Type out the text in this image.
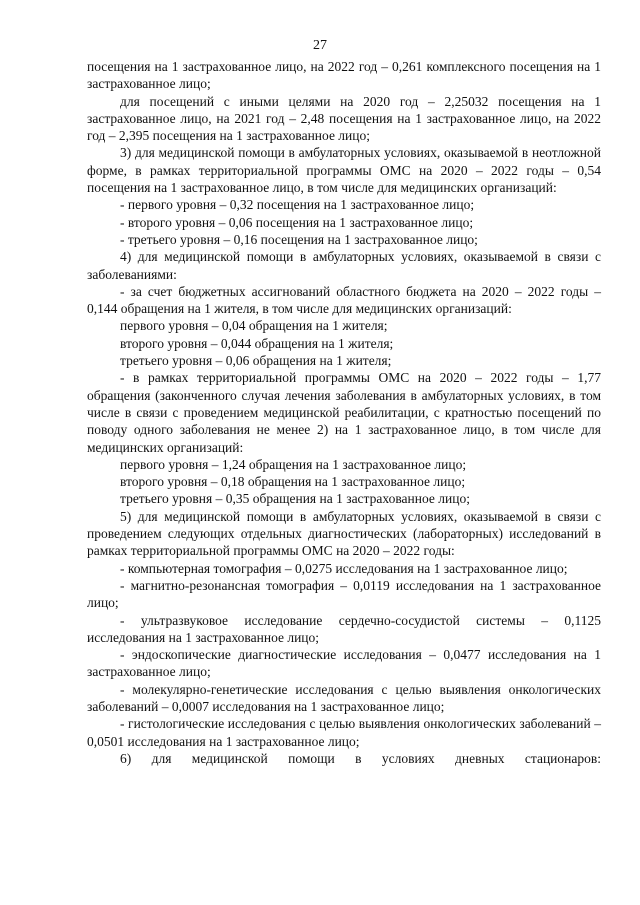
27

посещения на 1 застрахованное лицо, на 2022 год – 0,261 комплексного посещения на 1 застрахованное лицо;

для посещений с иными целями на 2020 год – 2,25032 посещения на 1 застрахованное лицо, на 2021 год – 2,48 посещения на 1 застрахованное лицо, на 2022 год – 2,395 посещения на 1 застрахованное лицо;

3) для медицинской помощи в амбулаторных условиях, оказываемой в неотложной форме, в рамках территориальной программы ОМС на 2020 – 2022 годы – 0,54 посещения на 1 застрахованное лицо, в том числе для медицинских организаций:

- первого уровня – 0,32 посещения на 1 застрахованное лицо;

- второго уровня – 0,06 посещения на 1 застрахованное лицо;

- третьего уровня – 0,16 посещения на 1 застрахованное лицо;

4) для медицинской помощи в амбулаторных условиях, оказываемой в связи с заболеваниями:

- за счет бюджетных ассигнований областного бюджета на 2020 – 2022 годы – 0,144 обращения на 1 жителя, в том числе для медицинских организаций:

первого уровня – 0,04 обращения на 1 жителя;

второго уровня – 0,044 обращения на 1 жителя;

третьего уровня – 0,06 обращения на 1 жителя;

- в рамках территориальной программы ОМС на 2020 – 2022 годы – 1,77 обращения (законченного случая лечения заболевания в амбулаторных условиях, в том числе в связи с проведением медицинской реабилитации, с кратностью посещений по поводу одного заболевания не менее 2) на 1 застрахованное лицо, в том числе для медицинских организаций:

первого уровня – 1,24 обращения на 1 застрахованное лицо;

второго уровня – 0,18 обращения на 1 застрахованное лицо;

третьего уровня – 0,35 обращения на 1 застрахованное лицо;

5) для медицинской помощи в амбулаторных условиях, оказываемой в связи с проведением следующих отдельных диагностических (лабораторных) исследований в рамках территориальной программы ОМС на 2020 – 2022 годы:

- компьютерная томография – 0,0275 исследования на 1 застрахованное лицо;

- магнитно-резонансная томография – 0,0119 исследования на 1 застрахованное лицо;

- ультразвуковое исследование сердечно-сосудистой системы – 0,1125 исследования на 1 застрахованное лицо;

- эндоскопические диагностические исследования – 0,0477 исследования на 1 застрахованное лицо;

- молекулярно-генетические исследования с целью выявления онкологических заболеваний – 0,0007 исследования на 1 застрахованное лицо;

- гистологические исследования с целью выявления онкологических заболеваний – 0,0501 исследования на 1 застрахованное лицо;

6) для медицинской помощи в условиях дневных стационаров:
